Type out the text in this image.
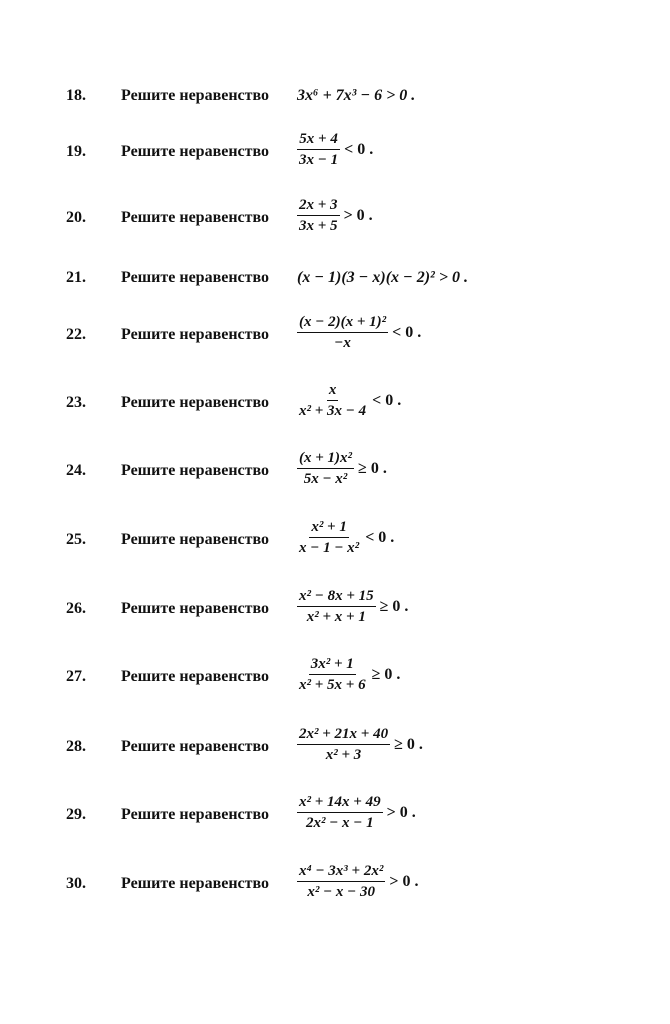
18. Решите неравенство 3x⁶ + 7x³ − 6 > 0 .
19. Решите неравенство $\frac{5x + 4}{3x - 1} < 0$ .
20. Решите неравенство $\frac{2x + 3}{3x + 5} > 0$ .
21. Решите неравенство (x − 1)(3 − x)(x − 2)² > 0 .
22. Решите неравенство $\frac{\text{(x − 2)(x + 1)²}}{-x} < 0$ .
23. Решите неравенство $\frac{x}{\text{x² + 3x − 4}} < 0$ .
24. Решите неравенство $\frac{\text{(x + 1)x²}}{\text{5x − x²}} \ge 0$ .
25. Решите неравенство $\frac{\text{x² + 1}}{\text{x − 1 − x²}} < 0$ .
26. Решите неравенство $\frac{\text{x² − 8x + 15}}{\text{x² + x + 1}} \ge 0$ .
27. Решите неравенство $\frac{\text{3x² + 1}}{\text{x² + 5x + 6}} \ge 0$ .
28. Решите неравенство $\frac{\text{2x² + 21x + 40}}{\text{x² + 3}} \ge 0$ .
29. Решите неравенство $\frac{\text{x² + 14x + 49}}{\text{2x² − x − 1}} > 0$ .
30. Решите неравенство $\frac{\text{x⁴ − 3x³ + 2x²}}{\text{x² − x − 30}} > 0$ .
